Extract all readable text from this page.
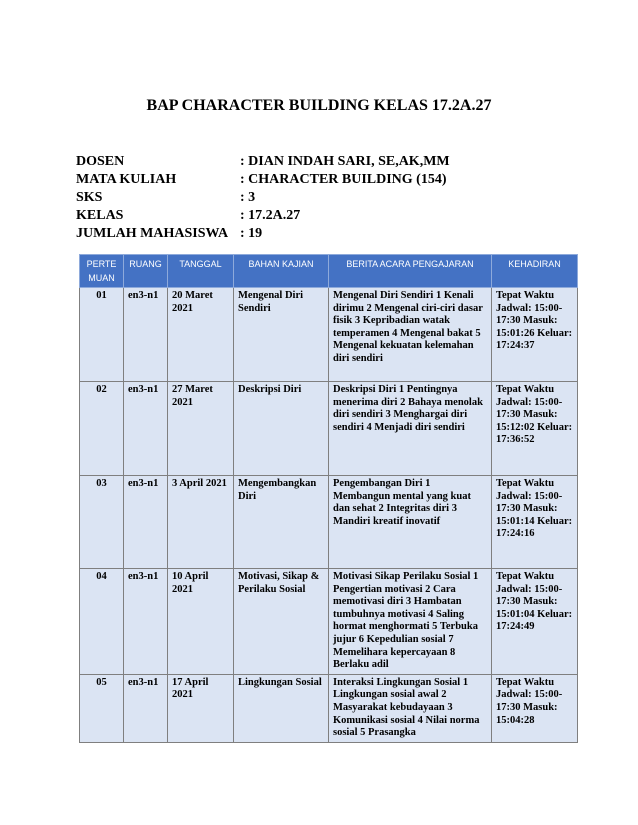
BAP CHARACTER BUILDING KELAS 17.2A.27
DOSEN	: DIAN INDAH SARI, SE,AK,MM
MATA KULIAH	: CHARACTER BUILDING (154)
SKS	: 3
KELAS	: 17.2A.27
JUMLAH MAHASISWA : 19
PERTE MUAN	RUANG	TANGGAL	BAHAN KAJIAN	BERITA ACARA PENGAJARAN	KEHADIRAN
01	en3-n1	20 Maret 2021	Mengenal Diri Sendiri	Mengenal Diri Sendiri 1 Kenali dirimu 2 Mengenal ciri-ciri dasar fisik 3 Kepribadian watak temperamen 4 Mengenal bakat 5 Mengenal kekuatan kelemahan diri sendiri	Tepat Waktu Jadwal: 15:00-17:30 Masuk: 15:01:26 Keluar: 17:24:37
02	en3-n1	27 Maret 2021	Deskripsi Diri	Deskripsi Diri 1 Pentingnya menerima diri 2 Bahaya menolak diri sendiri 3 Menghargai diri sendiri 4 Menjadi diri sendiri	Tepat Waktu Jadwal: 15:00-17:30 Masuk: 15:12:02 Keluar: 17:36:52
03	en3-n1	3 April 2021	Mengembangkan Diri	Pengembangan Diri 1 Membangun mental yang kuat dan sehat 2 Integritas diri 3 Mandiri kreatif inovatif	Tepat Waktu Jadwal: 15:00-17:30 Masuk: 15:01:14 Keluar: 17:24:16
04	en3-n1	10 April 2021	Motivasi, Sikap & Perilaku Sosial	Motivasi Sikap Perilaku Sosial 1 Pengertian motivasi 2 Cara memotivasi diri 3 Hambatan tumbuhnya motivasi 4 Saling hormat menghormati 5 Terbuka jujur 6 Kepedulian sosial 7 Memelihara kepercayaan 8 Berlaku adil	Tepat Waktu Jadwal: 15:00-17:30 Masuk: 15:01:04 Keluar: 17:24:49
05	en3-n1	17 April 2021	Lingkungan Sosial	Interaksi Lingkungan Sosial 1 Lingkungan sosial awal 2 Masyarakat kebudayaan 3 Komunikasi sosial 4 Nilai norma sosial 5 Prasangka	Tepat Waktu Jadwal: 15:00-17:30 Masuk: 15:04:28
